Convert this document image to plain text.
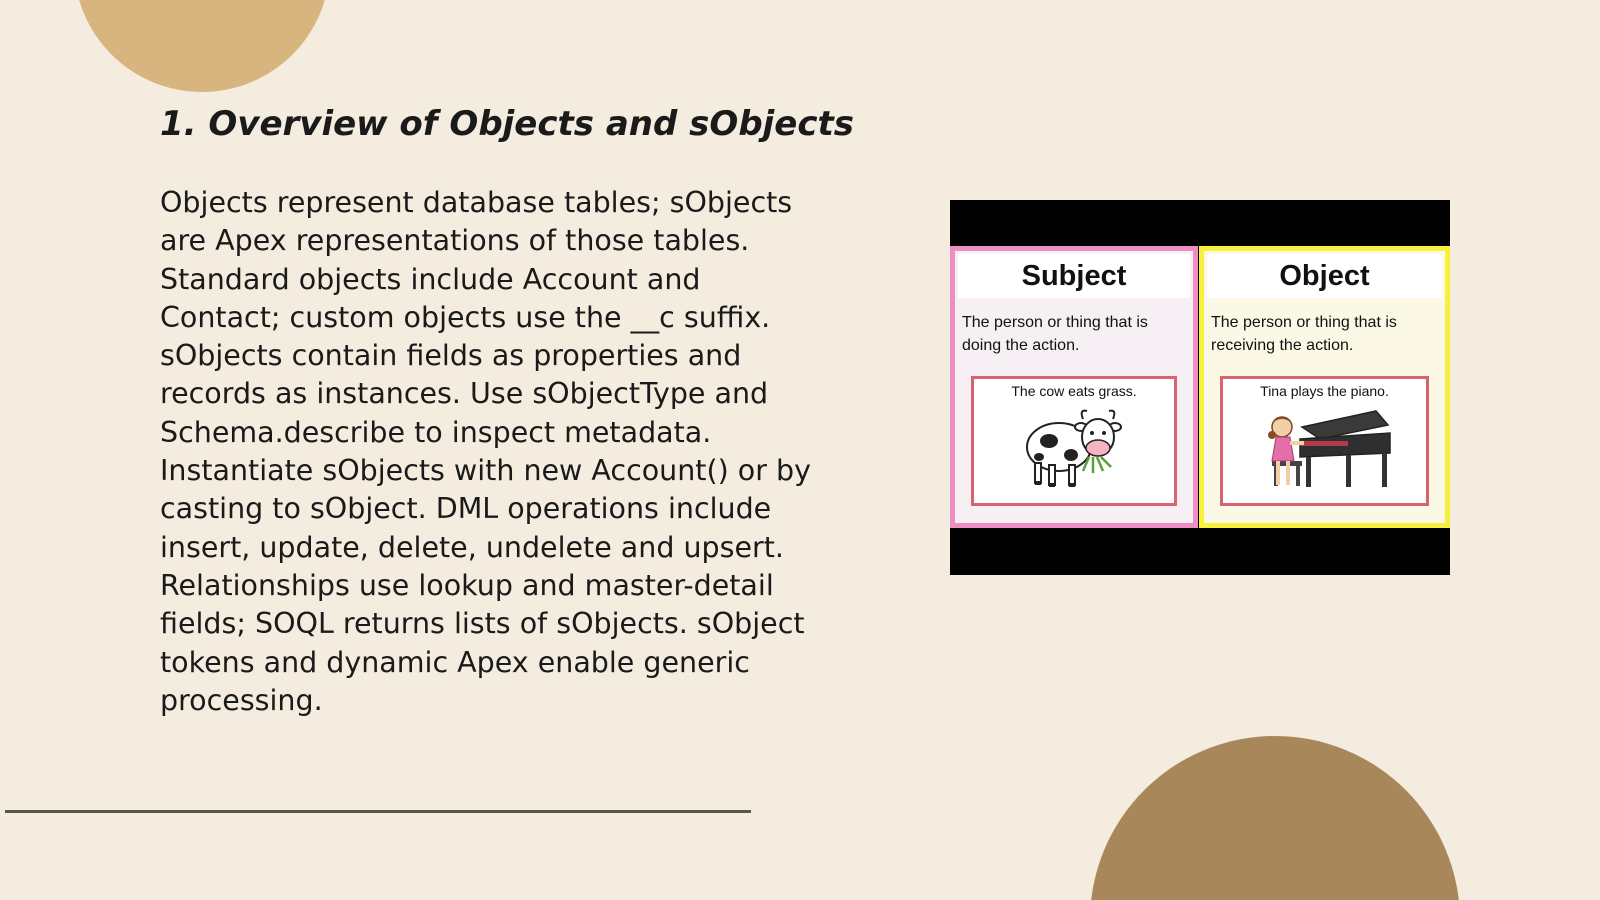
1. Overview of Objects and sObjects
Objects represent database tables; sObjects
are Apex representations of those tables.
Standard objects include Account and
Contact; custom objects use the __c suffix.
sObjects contain fields as properties and
records as instances. Use sObjectType and
Schema.describe to inspect metadata.
Instantiate sObjects with new Account() or by
casting to sObject. DML operations include
insert, update, delete, undelete and upsert.
Relationships use lookup and master-detail
fields; SOQL returns lists of sObjects. sObject
tokens and dynamic Apex enable generic
processing.
Subject
The person or thing that is doing the action.
The cow eats grass.
Object
The person or thing that is receiving the action.
Tina plays the piano.
